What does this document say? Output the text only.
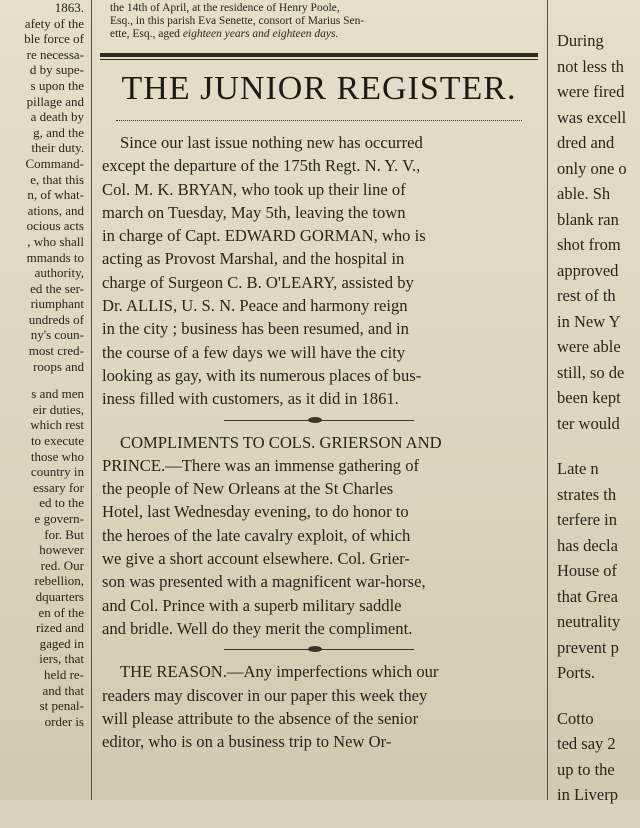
1863.
afety of the
ble force of
re necessa-
d by supe-
s upon the
pillage and
a death by
g, and the
their duty.
Command-
e, that this
n, of what-
ations, and
ocious acts
, who shall
mmands to
authority,
ed the ser-
riumphant
undreds of
ny's coun-
most cred-
roops and
s and men
eir duties,
which rest
to execute
those who
country in
essary for
ed to the
e govern-
for. But
however
red. Our
rebellion,
dquarters
en of the
rized and
gaged in
iers, that
held re-
and that
st penal-
order is
the 14th of April, at the residence of Henry Poole,
Esq., in this parish Eva Senette, consort of Marius Sen-
ette, Esq., aged eighteen years and eighteen days.
THE JUNIOR REGISTER.
Since our last issue nothing new has occurred
except the departure of the 175th Regt. N. Y. V.,
Col. M. K. BRYAN, who took up their line of
march on Tuesday, May 5th, leaving the town
in charge of Capt. EDWARD GORMAN, who is
acting as Provost Marshal, and the hospital in
charge of Surgeon C. B. O'LEARY, assisted by
Dr. ALLIS, U. S. N. Peace and harmony reign
in the city ; business has been resumed, and in
the course of a few days we will have the city
looking as gay, with its numerous places of bus-
iness filled with customers, as it did in 1861.
COMPLIMENTS TO COLS. GRIERSON AND
PRINCE.—There was an immense gathering of
the people of New Orleans at the St Charles
Hotel, last Wednesday evening, to do honor to
the heroes of the late cavalry exploit, of which
we give a short account elsewhere. Col. Grier-
son was presented with a magnificent war-horse,
and Col. Prince with a superb military saddle
and bridle. Well do they merit the compliment.
THE REASON.—Any imperfections which our
readers may discover in our paper this week they
will please attribute to the absence of the senior
editor, who is on a business trip to New Or-
During
not less th
were fired
was excell
dred and
only one o
able. Sh
blank ran
shot from
approved
rest of th
in New Y
were able
still, so de
been kept
ter would
Late n
strates th
terfere in
has decla
House of
that Grea
neutrality
prevent p
Ports.
Cotto
ted say 2
up to the
in Liverp
